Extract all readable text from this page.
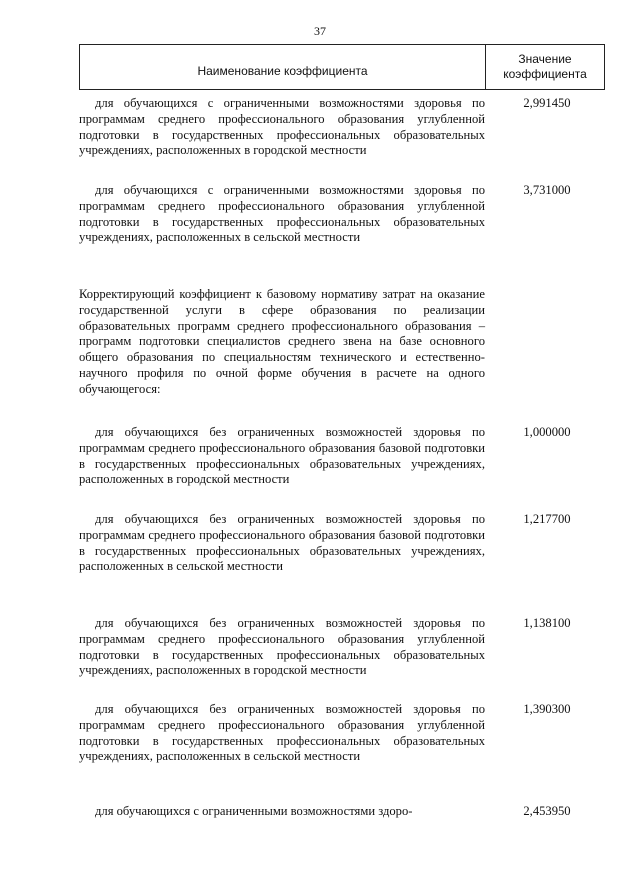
37
Наименование коэффициента
Значение
коэффициента
для обучающихся с ограниченными возможностями здоровья по программам среднего профессионального образования углубленной подготовки в государственных профессиональных образовательных учреждениях, расположенных в городской местности
2,991450
для обучающихся с ограниченными возможностями здоровья по программам среднего профессионального образования углубленной подготовки в государственных профессиональных образовательных учреждениях, расположенных в сельской местности
3,731000
Корректирующий коэффициент к базовому нормативу затрат на оказание государственной услуги в сфере образования по реализации образовательных программ среднего профессионального образования – программ подготовки специалистов среднего звена на базе основного общего образования по специальностям технического и естественно-научного профиля по очной форме обучения в расчете на одного обучающегося:
для обучающихся без ограниченных возможностей здоровья по программам среднего профессионального образования базовой подготовки в государственных профессиональных образовательных учреждениях, расположенных в городской местности
1,000000
для обучающихся без ограниченных возможностей здоровья по программам среднего профессионального образования базовой подготовки в государственных профессиональных образовательных учреждениях, расположенных в сельской местности
1,217700
для обучающихся без ограниченных возможностей здоровья по программам среднего профессионального образования углубленной подготовки в государственных профессиональных образовательных учреждениях, расположенных в городской местности
1,138100
для обучающихся без ограниченных возможностей здоровья по программам среднего профессионального образования углубленной подготовки в государственных профессиональных образовательных учреждениях, расположенных в сельской местности
1,390300
для обучающихся с ограниченными возможностями здоро-	2,453950
